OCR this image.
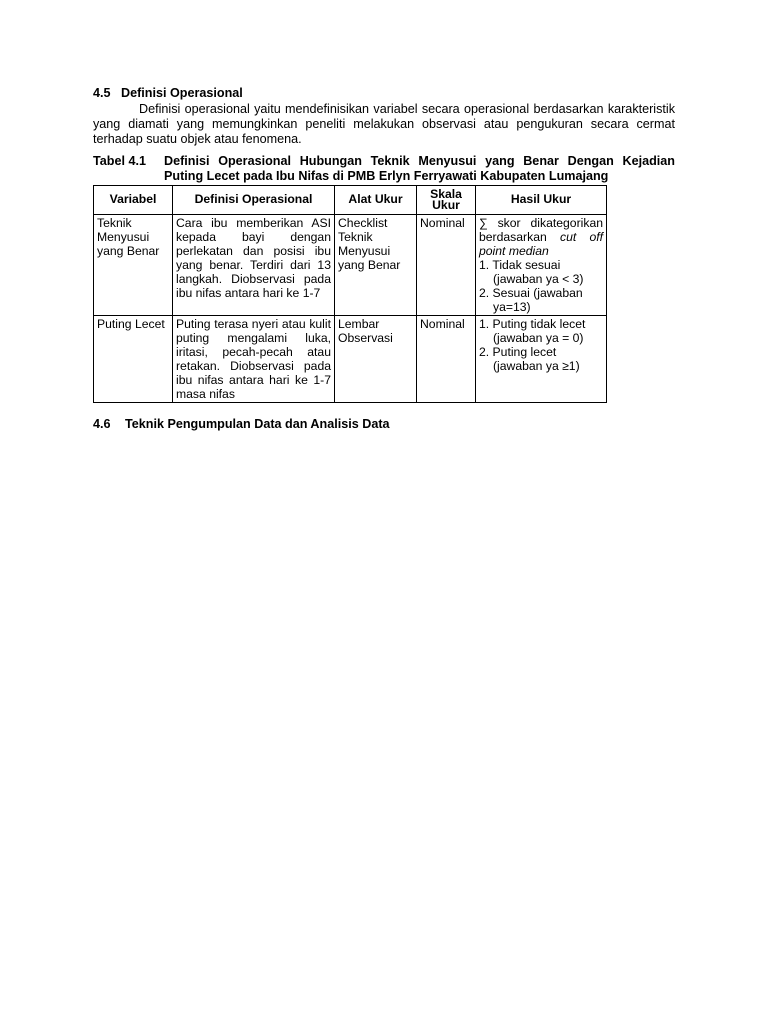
4.5 Definisi Operasional

Definisi operasional yaitu mendefinisikan variabel secara operasional berdasarkan karakteristik yang diamati yang memungkinkan peneliti melakukan observasi atau pengukuran secara cermat terhadap suatu objek atau fenomena.

Tabel 4.1	Definisi Operasional Hubungan Teknik Menyusui yang Benar Dengan Kejadian Puting Lecet pada Ibu Nifas di PMB Erlyn Ferryawati Kabupaten Lumajang
Variabel	Definisi Operasional	Alat Ukur	Skala Ukur	Hasil Ukur
Teknik Menyusui yang Benar	Cara ibu memberikan ASI kepada bayi dengan perlekatan dan posisi ibu yang benar. Terdiri dari 13 langkah. Diobservasi pada ibu nifas antara hari ke 1-7	Checklist Teknik Menyusui yang Benar	Nominal	∑ skor dikategorikan berdasarkan cut off point median

1. Tidak sesuai (jawaban ya < 3)

2. Sesuai (jawaban ya=13)

Puting Lecet	Puting terasa nyeri atau kulit puting mengalami luka, iritasi, pecah-pecah atau retakan. Diobservasi pada ibu nifas antara hari ke 1-7 masa nifas	Lembar Observasi	Nominal	1. Puting tidak lecet (jawaban ya = 0)

2. Puting lecet (jawaban ya ≥1)

4.6 Teknik Pengumpulan Data dan Analisis Data
